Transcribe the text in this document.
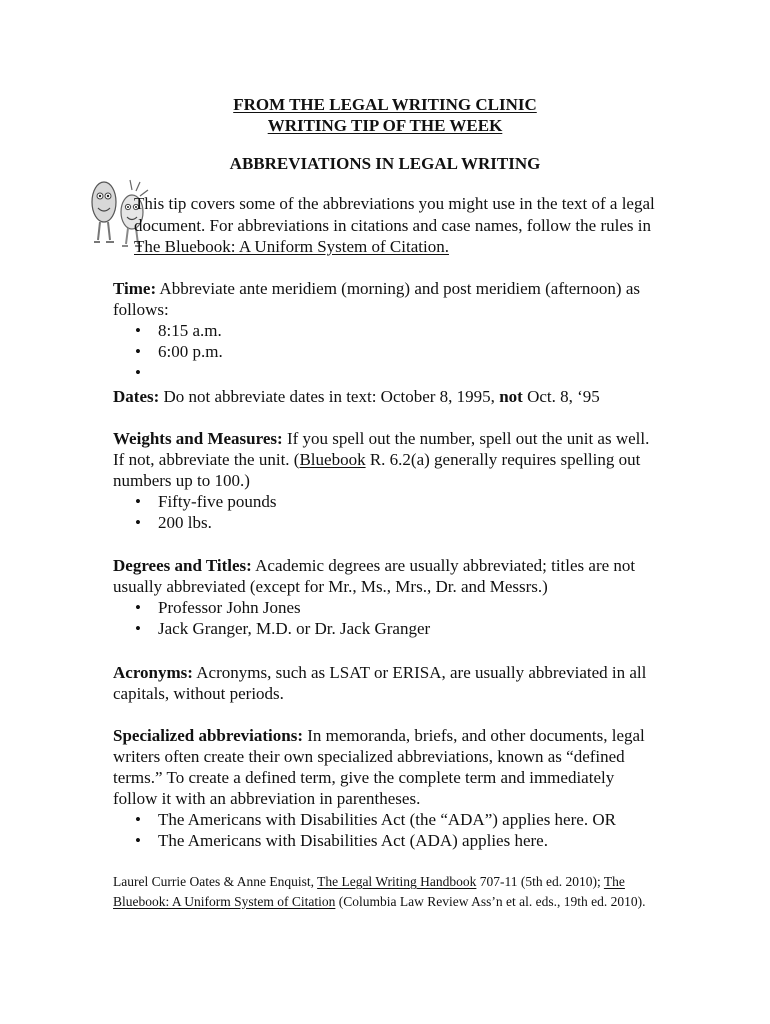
FROM THE LEGAL WRITING CLINIC
WRITING TIP OF THE WEEK
ABBREVIATIONS IN LEGAL WRITING
This tip covers some of the abbreviations you might use in the text of a legal document. For abbreviations in citations and case names, follow the rules in The Bluebook: A Uniform System of Citation.

Time: Abbreviate ante meridiem (morning) and post meridiem (afternoon) as follows:

• 8:15 a.m.
• 6:00 p.m.
•

Dates: Do not abbreviate dates in text: October 8, 1995, not Oct. 8, ‘95

Weights and Measures: If you spell out the number, spell out the unit as well. If not, abbreviate the unit. (Bluebook R. 6.2(a) generally requires spelling out numbers up to 100.)

• Fifty-five pounds
• 200 lbs.

Degrees and Titles: Academic degrees are usually abbreviated; titles are not usually abbreviated (except for Mr., Ms., Mrs., Dr. and Messrs.)

• Professor John Jones
• Jack Granger, M.D. or Dr. Jack Granger

Acronyms: Acronyms, such as LSAT or ERISA, are usually abbreviated in all capitals, without periods.

Specialized abbreviations: In memoranda, briefs, and other documents, legal writers often create their own specialized abbreviations, known as “defined terms.” To create a defined term, give the complete term and immediately follow it with an abbreviation in parentheses.

• The Americans with Disabilities Act (the “ADA”) applies here. OR
• The Americans with Disabilities Act (ADA) applies here.
Laurel Currie Oates & Anne Enquist, The Legal Writing Handbook 707-11 (5th ed. 2010); The Bluebook: A Uniform System of Citation (Columbia Law Review Ass’n et al. eds., 19th ed. 2010).
